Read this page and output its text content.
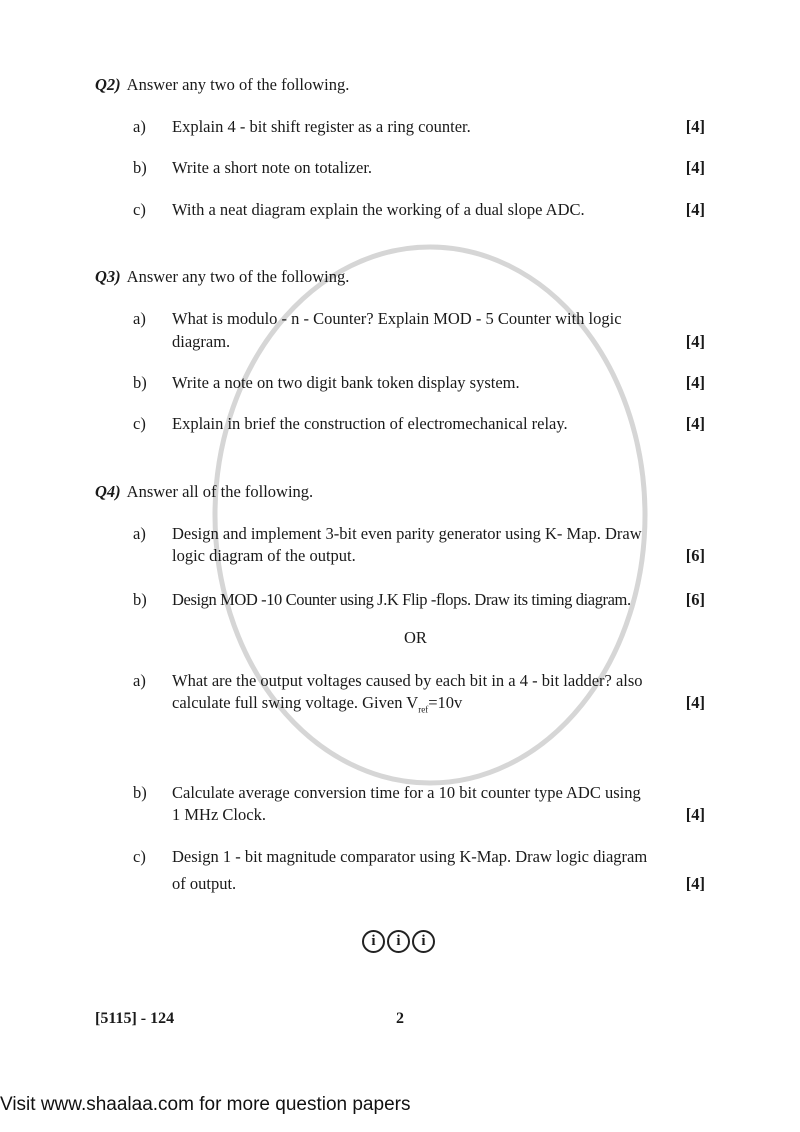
Q2) Answer any two of the following.
a) Explain 4 - bit shift register as a ring counter.	[4]
b) Write a short note on totalizer.	[4]
c) With a neat diagram explain the working of a dual slope ADC.	[4]
Q3) Answer any two of the following.
a) What is modulo - n - Counter? Explain MOD - 5 Counter with logic
diagram.	[4]
b) Write a note on two digit bank token display system.	[4]
c) Explain in brief the construction of electromechanical relay.	[4]
Q4) Answer all of the following.
a) Design and implement 3-bit even parity generator using K- Map. Draw
logic diagram of the output.	[6]
b) Design MOD -10 Counter using J.K Flip -flops. Draw its timing diagram.	[6]
OR
a) What are the output voltages caused by each bit in a 4 - bit ladder? also
calculate full swing voltage. Given $V_{ref}=10v$	[4]
b) Calculate average conversion time for a 10 bit counter type ADC using
1 MHz Clock.	[4]
c) Design 1 - bit magnitude comparator using K-Map. Draw logic diagram
of output.	[4]
i i i
[5115] - 124	2
Visit www.shaalaa.com for more question papers
